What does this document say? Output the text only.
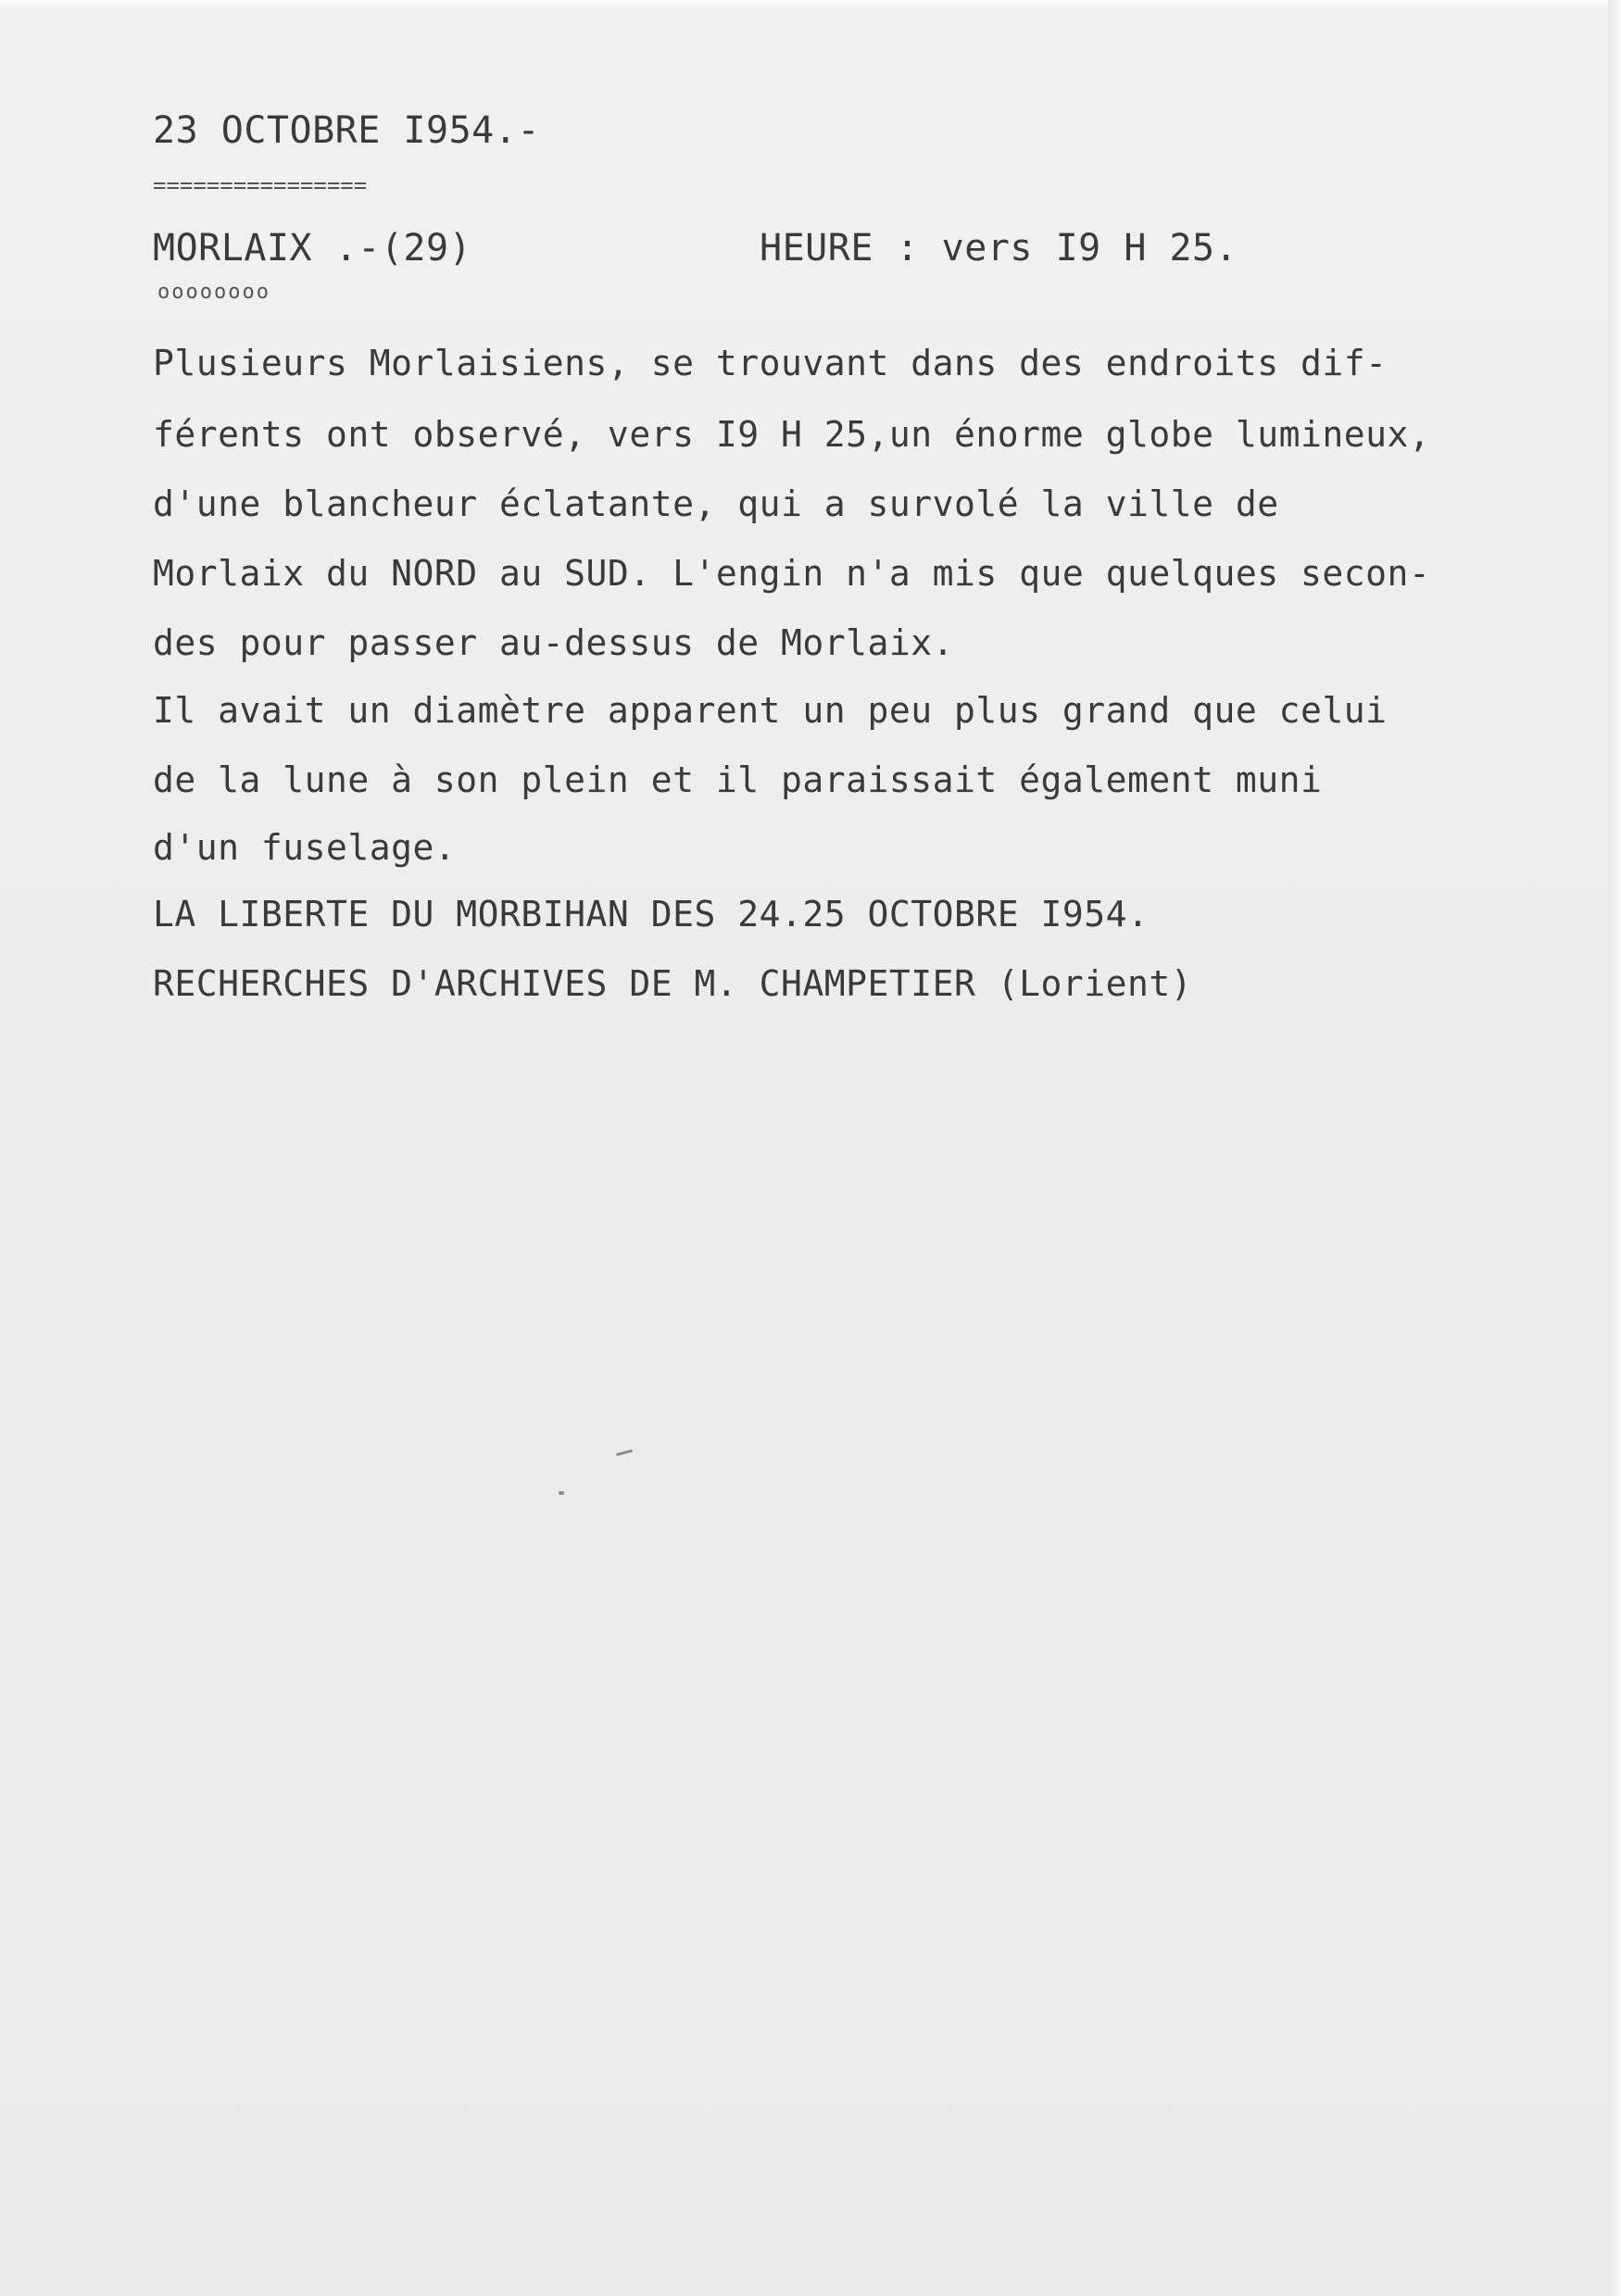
23 OCTOBRE I954.-
================
MORLAIX .-(29)
oooooooo
HEURE : vers I9 H 25.
Plusieurs Morlaisiens, se trouvant dans des endroits dif-
férents ont observé, vers I9 H 25,un énorme globe lumineux,
d'une blancheur éclatante, qui a survolé la ville de
Morlaix du NORD au SUD. L'engin n'a mis que quelques secon-
des pour passer au-dessus de Morlaix.
Il avait un diamètre apparent un peu plus grand que celui
de la lune à son plein et il paraissait également muni
d'un fuselage.
LA LIBERTE DU MORBIHAN DES 24.25 OCTOBRE I954.
RECHERCHES D'ARCHIVES DE M. CHAMPETIER (Lorient)
